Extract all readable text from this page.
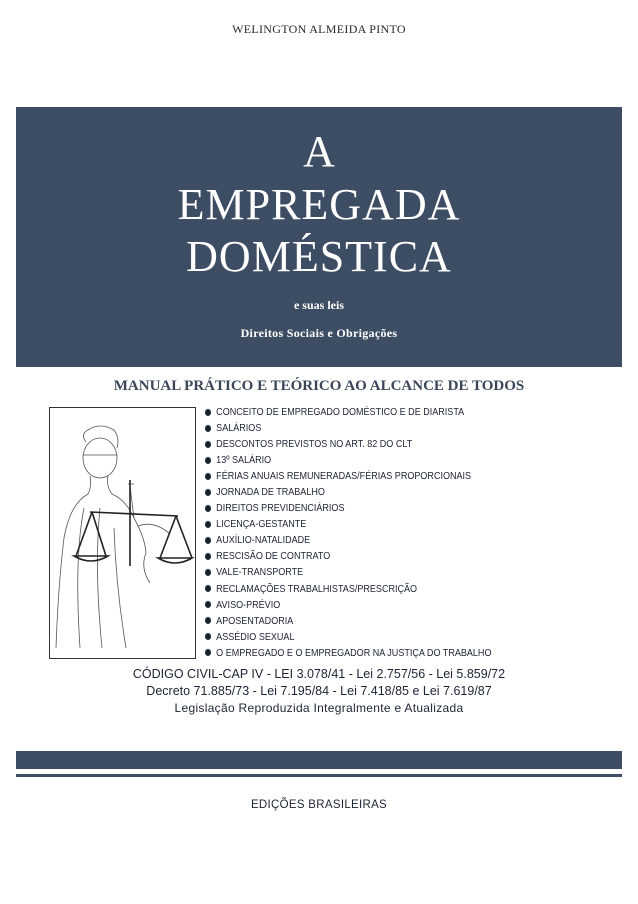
WELINGTON ALMEIDA PINTO
A
EMPREGADA
DOMÉSTICA
e suas leis
Direitos Sociais e Obrigações
MANUAL PRÁTICO E TEÓRICO AO ALCANCE DE TODOS
CONCEITO DE EMPREGADO DOMÉSTICO E DE DIARISTA
SALÁRIOS
DESCONTOS PREVISTOS NO ART. 82 DO CLT
13º SALÁRIO
FÉRIAS ANUAIS REMUNERADAS/FÉRIAS PROPORCIONAIS
JORNADA DE TRABALHO
DIREITOS PREVIDENCIÁRIOS
LICENÇA-GESTANTE
AUXÍLIO-NATALIDADE
RESCISÃO DE CONTRATO
VALE-TRANSPORTE
RECLAMAÇÕES TRABALHISTAS/PRESCRIÇÃO
AVISO-PRÉVIO
APOSENTADORIA
ASSÉDIO SEXUAL
O EMPREGADO E O EMPREGADOR NA JUSTIÇA DO TRABALHO
CÓDIGO CIVIL-CAP IV - LEI 3.078/41 - Lei 2.757/56 - Lei 5.859/72
Decreto 71.885/73 - Lei 7.195/84 - Lei 7.418/85 e Lei 7.619/87
Legislação Reproduzida Integralmente e Atualizada
EDIÇÕES BRASILEIRAS
